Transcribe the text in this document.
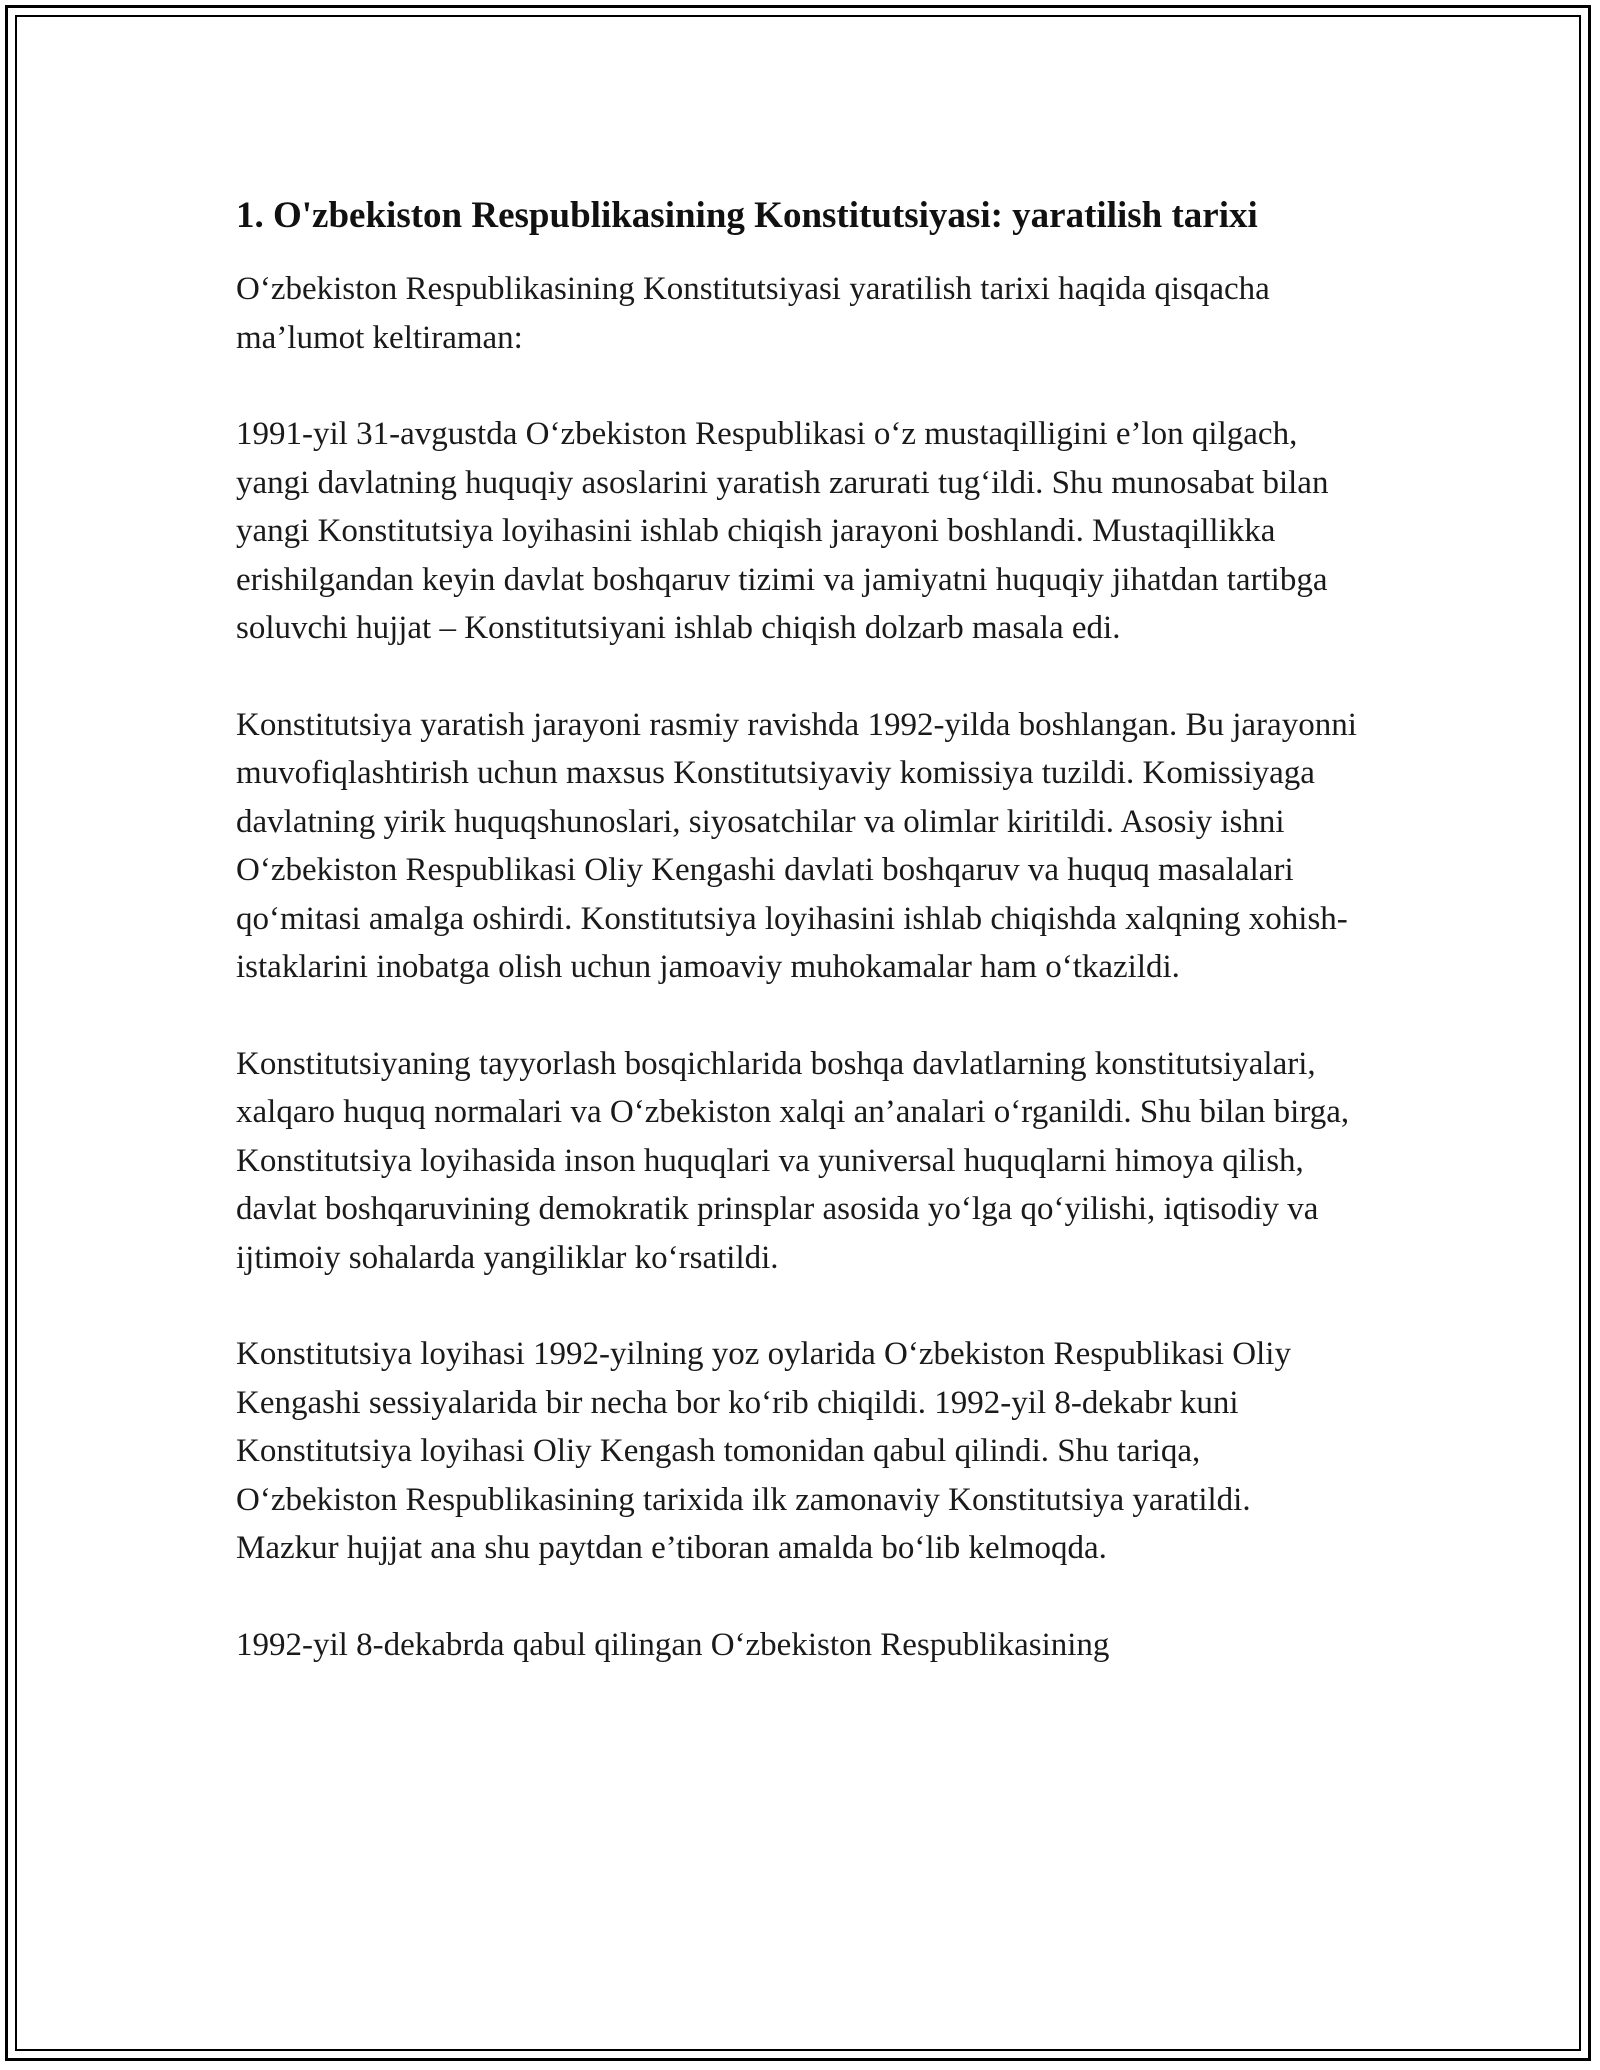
1. O'zbekiston Respublikasining Konstitutsiyasi: yaratilish tarixi

O‘zbekiston Respublikasining Konstitutsiyasi yaratilish tarixi haqida qisqacha ma’lumot keltiraman:

1991-yil 31-avgustda O‘zbekiston Respublikasi o‘z mustaqilligini e’lon qilgach, yangi davlatning huquqiy asoslarini yaratish zarurati tug‘ildi. Shu munosabat bilan yangi Konstitutsiya loyihasini ishlab chiqish jarayoni boshlandi. Mustaqillikka erishilgandan keyin davlat boshqaruv tizimi va jamiyatni huquqiy jihatdan tartibga soluvchi hujjat – Konstitutsiyani ishlab chiqish dolzarb masala edi.

Konstitutsiya yaratish jarayoni rasmiy ravishda 1992-yilda boshlangan. Bu jarayonni muvofiqlashtirish uchun maxsus Konstitutsiyaviy komissiya tuzildi. Komissiyaga davlatning yirik huquqshunoslari, siyosatchilar va olimlar kiritildi. Asosiy ishni O‘zbekiston Respublikasi Oliy Kengashi davlati boshqaruv va huquq masalalari qo‘mitasi amalga oshirdi. Konstitutsiya loyihasini ishlab chiqishda xalqning xohish-istaklarini inobatga olish uchun jamoaviy muhokamalar ham o‘tkazildi.

Konstitutsiyaning tayyorlash bosqichlarida boshqa davlatlarning konstitutsiyalari, xalqaro huquq normalari va O‘zbekiston xalqi an’analari o‘rganildi. Shu bilan birga, Konstitutsiya loyihasida inson huquqlari va yuniversal huquqlarni himoya qilish, davlat boshqaruvining demokratik prinsplar asosida yo‘lga qo‘yilishi, iqtisodiy va ijtimoiy sohalarda yangiliklar ko‘rsatildi.

Konstitutsiya loyihasi 1992-yilning yoz oylarida O‘zbekiston Respublikasi Oliy Kengashi sessiyalarida bir necha bor ko‘rib chiqildi. 1992-yil 8-dekabr kuni Konstitutsiya loyihasi Oliy Kengash tomonidan qabul qilindi. Shu tariqa, O‘zbekiston Respublikasining tarixida ilk zamonaviy Konstitutsiya yaratildi. Mazkur hujjat ana shu paytdan e’tiboran amalda bo‘lib kelmoqda.

1992-yil 8-dekabrda qabul qilingan O‘zbekiston Respublikasining
